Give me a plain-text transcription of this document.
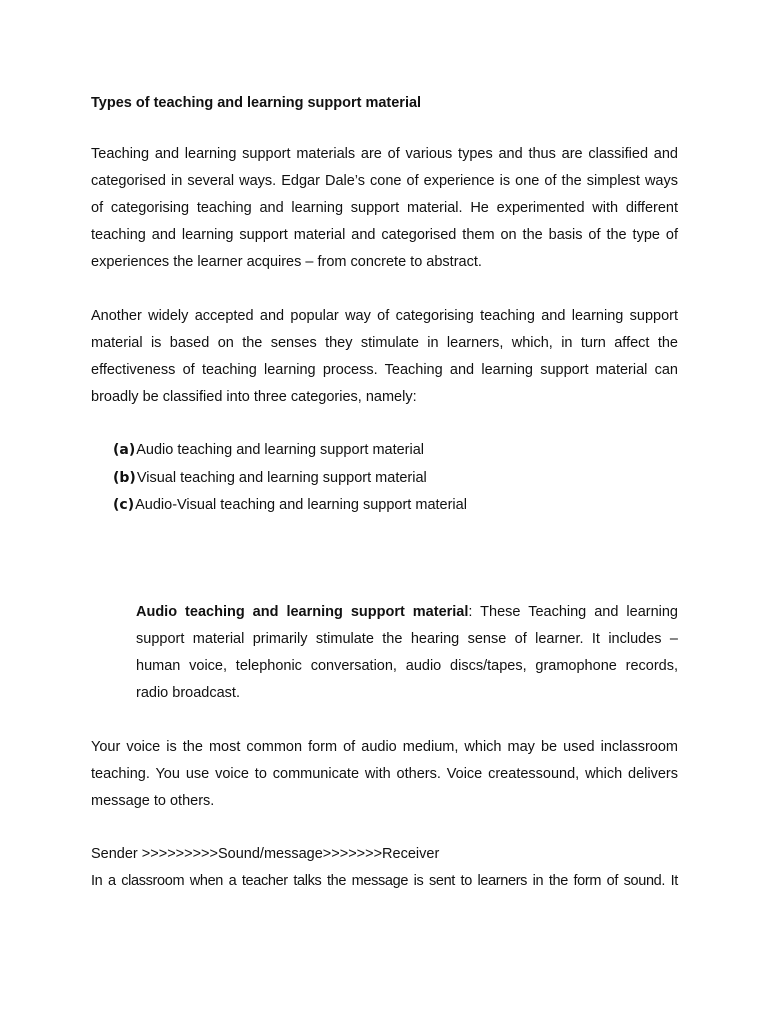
Types of teaching and learning support material
Teaching and learning support materials are of various types and thus are classified and categorised in several ways. Edgar Dale’s cone of experience is one of the simplest ways of categorising teaching and learning support material. He experimented with different teaching and learning support material and categorised them on the basis of the type of experiences the learner acquires – from concrete to abstract.
Another widely accepted and popular way of categorising teaching and learning support material is based on the senses they stimulate in learners, which, in turn affect the effectiveness of teaching learning process. Teaching and learning support material can broadly be classified into three categories, namely:
(a)Audio teaching and learning support material
(b)Visual teaching and learning support material
(c)Audio-Visual teaching and learning support material
Audio teaching and learning support material: These Teaching and learning support material primarily stimulate the hearing sense of learner. It includes – human voice, telephonic conversation, audio discs/tapes, gramophone records, radio broadcast.
Your voice is the most common form of audio medium, which may be used inclassroom teaching. You use voice to communicate with others. Voice createssound, which delivers message to others.
Sender >>>>>>>>>Sound/message>>>>>>>Receiver
In a classroom when a teacher talks the message is sent to learners in the form of sound. It
